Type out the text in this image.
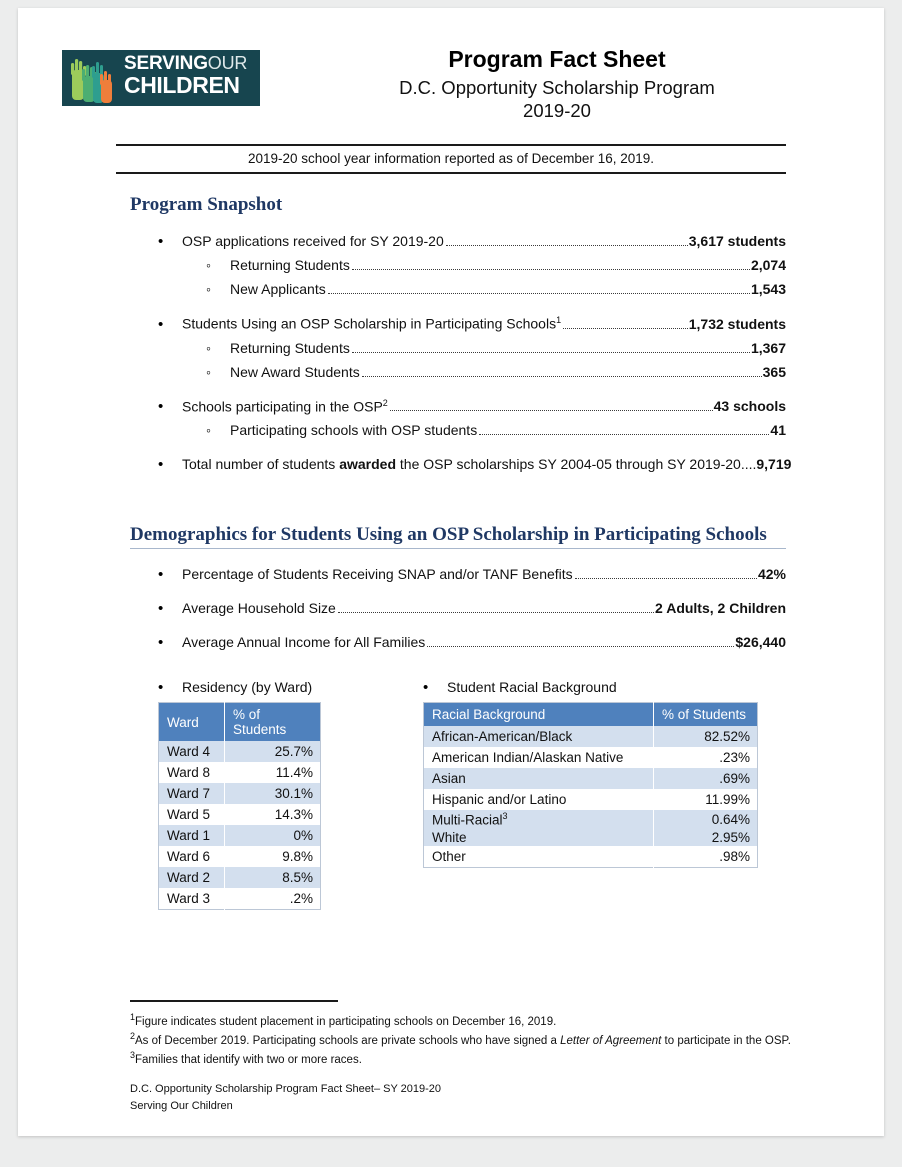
SERVINGOUR
CHILDREN
Program Fact Sheet
D.C. Opportunity Scholarship Program
2019-20
2019-20 school year information reported as of December 16, 2019.
Program Snapshot
•
OSP applications received for SY 2019-20	3,617 students
◦
Returning Students	2,074
◦
New Applicants	1,543
•
Students Using an OSP Scholarship in Participating Schools$^1$	1,732 students
◦
Returning Students	1,367
◦
New Award Students	365
•
Schools participating in the OSP$^2$	43 schools
◦
Participating schools with OSP students	41
•
Total number of students awarded the OSP scholarships SY 2004-05 through SY 2019-20....9,719
Demographics for Students Using an OSP Scholarship in Participating Schools
•
Percentage of Students Receiving SNAP and/or TANF Benefits	42%
•
Average Household Size	2 Adults, 2 Children
•
Average Annual Income for All Families	$26,440
•
Residency (by Ward)
Ward	% of Students
Ward 4	25.7%
Ward 8	11.4%
Ward 7	30.1%
Ward 5	14.3%
Ward 1	0%
Ward 6	9.8%
Ward 2	8.5%
Ward 3	.2%
•
Student Racial Background
Racial Background	% of Students
African-American/Black	82.52%
American Indian/Alaskan Native	.23%
Asian	.69%
Hispanic and/or Latino	11.99%
Multi-Racial$^3$	0.64%
White	2.95%
Other	.98%
$^1$Figure indicates student placement in participating schools on December 16, 2019.
$^2$As of December 2019. Participating schools are private schools who have signed a Letter of Agreement to participate in the OSP.
$^3$Families that identify with two or more races.
D.C. Opportunity Scholarship Program Fact Sheet– SY 2019-20
Serving Our Children
